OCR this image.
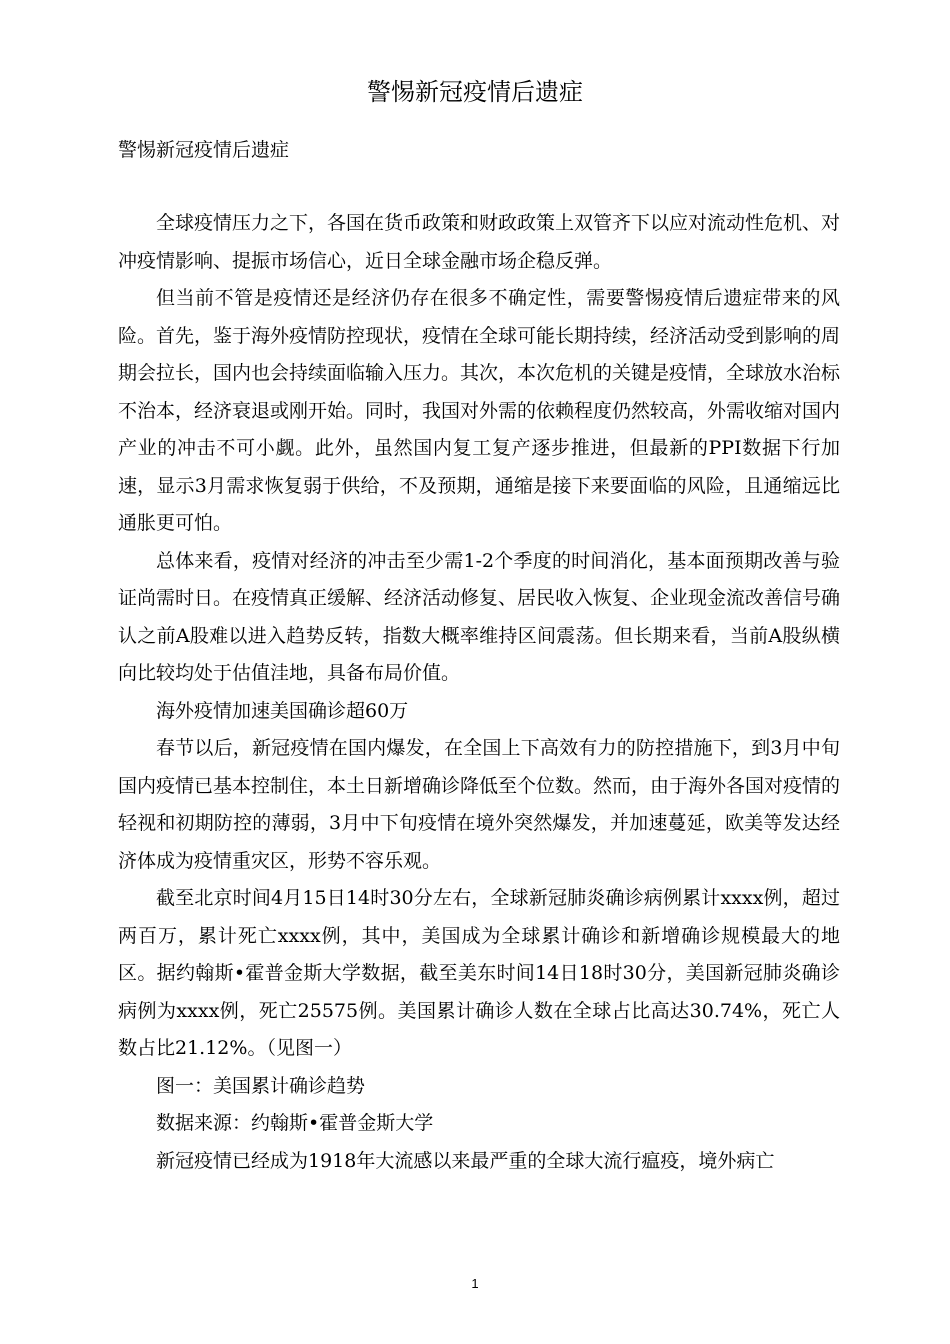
警惕新冠疫情后遗症

警惕新冠疫情后遗症

全球疫情压力之下，各国在货币政策和财政政策上双管齐下以应对流动性危机、对冲疫情影响、提振市场信心，近日全球金融市场企稳反弹。

但当前不管是疫情还是经济仍存在很多不确定性，需要警惕疫情后遗症带来的风险。首先，鉴于海外疫情防控现状，疫情在全球可能长期持续，经济活动受到影响的周期会拉长，国内也会持续面临输入压力。其次，本次危机的关键是疫情，全球放水治标不治本，经济衰退或刚开始。同时，我国对外需的依赖程度仍然较高，外需收缩对国内产业的冲击不可小觑。此外，虽然国内复工复产逐步推进，但最新的PPI数据下行加速，显示3月需求恢复弱于供给，不及预期，通缩是接下来要面临的风险，且通缩远比通胀更可怕。

总体来看，疫情对经济的冲击至少需1-2个季度的时间消化，基本面预期改善与验证尚需时日。在疫情真正缓解、经济活动修复、居民收入恢复、企业现金流改善信号确认之前A股难以进入趋势反转，指数大概率维持区间震荡。但长期来看，当前A股纵横向比较均处于估值洼地，具备布局价值。

海外疫情加速美国确诊超60万

春节以后，新冠疫情在国内爆发，在全国上下高效有力的防控措施下，到3月中旬国内疫情已基本控制住，本土日新增确诊降低至个位数。然而，由于海外各国对疫情的轻视和初期防控的薄弱，3月中下旬疫情在境外突然爆发，并加速蔓延，欧美等发达经济体成为疫情重灾区，形势不容乐观。

截至北京时间4月15日14时30分左右，全球新冠肺炎确诊病例累计xxxx例，超过两百万，累计死亡xxxx例，其中，美国成为全球累计确诊和新增确诊规模最大的地区。据约翰斯•霍普金斯大学数据，截至美东时间14日18时30分，美国新冠肺炎确诊病例为xxxx例，死亡25575例。美国累计确诊人数在全球占比高达30.74%，死亡人数占比21.12%。（见图一）

图一：美国累计确诊趋势

数据来源：约翰斯•霍普金斯大学

新冠疫情已经成为1918年大流感以来最严重的全球大流行瘟疫，境外病亡

1
